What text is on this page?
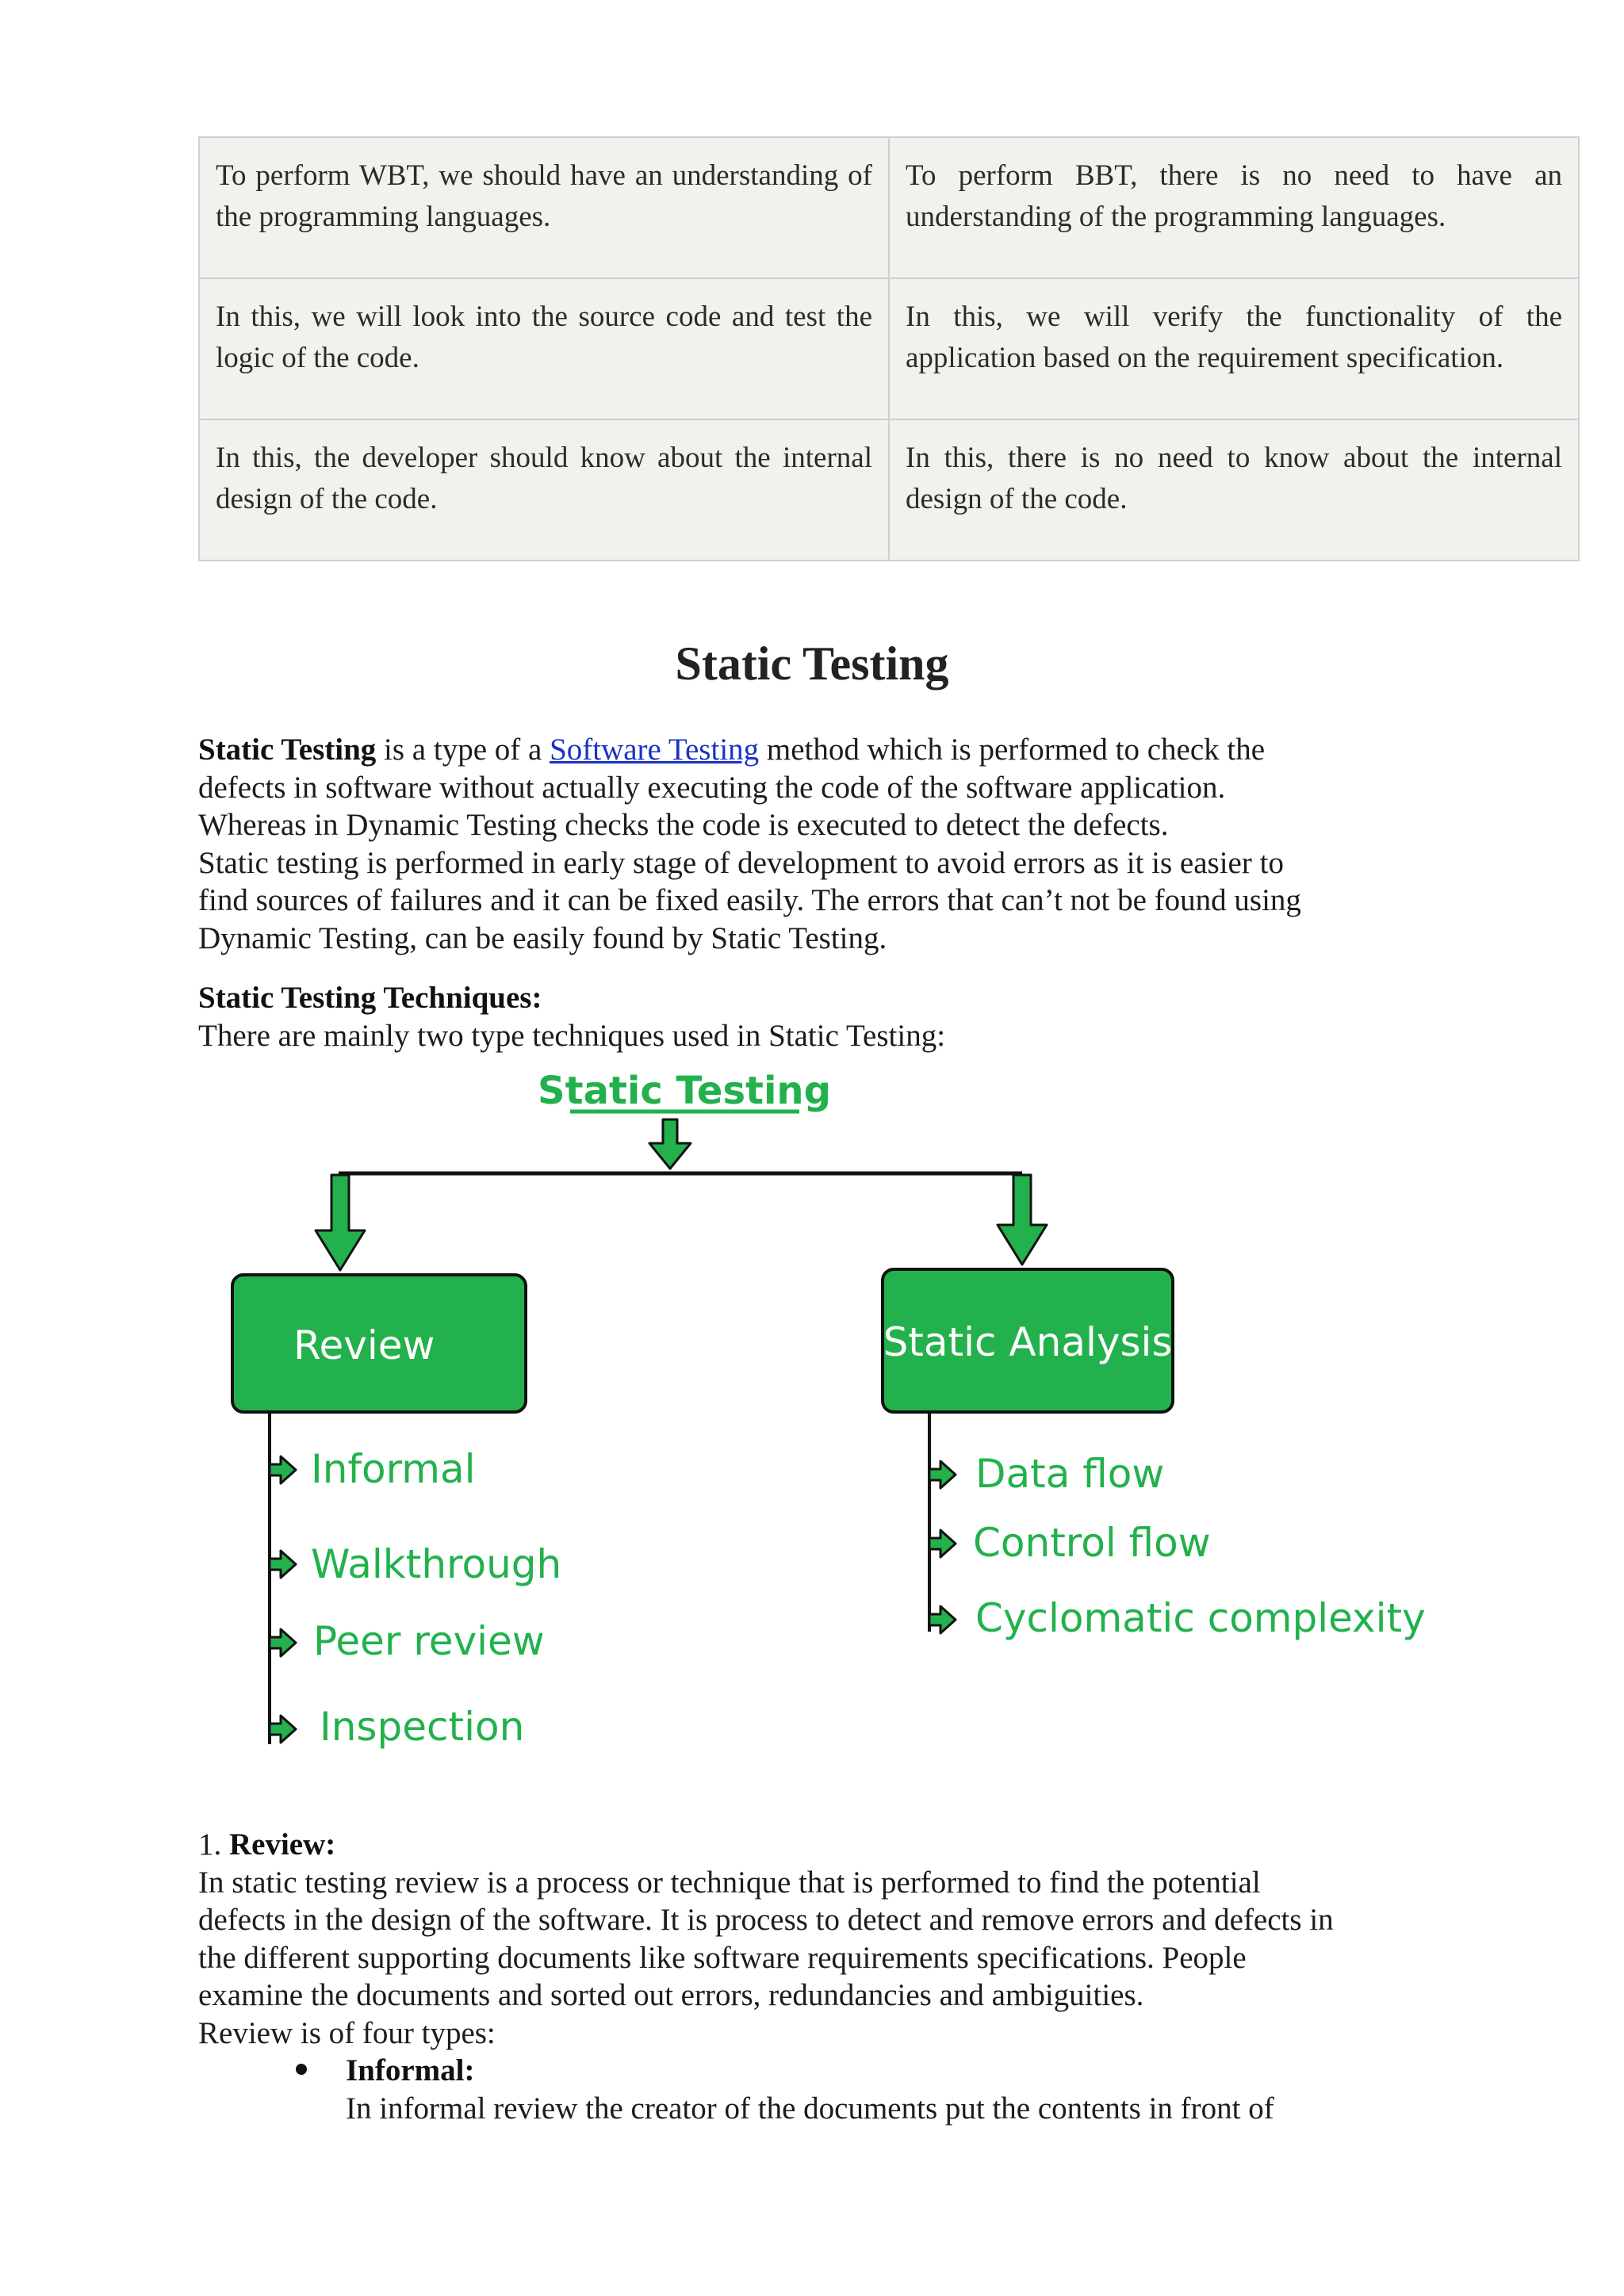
To perform WBT, we should have an understanding of the programming languages.	To perform BBT, there is no need to have an understanding of the programming languages.
In this, we will look into the source code and test the logic of the code.	In this, we will verify the functionality of the application based on the requirement specification.
In this, the developer should know about the internal design of the code.	In this, there is no need to know about the internal design of the code.
Static Testing
Static Testing is a type of a Software Testing method which is performed to check the
defects in software without actually executing the code of the software application.
Whereas in Dynamic Testing checks the code is executed to detect the defects.
Static testing is performed in early stage of development to avoid errors as it is easier to
find sources of failures and it can be fixed easily. The errors that can’t not be found using
Dynamic Testing, can be easily found by Static Testing.
Static Testing Techniques:
There are mainly two type techniques used in Static Testing:
Static Testing
Review	Static Analysis
Informal
Walkthrough
Peer review
Inspection
Data flow
Control flow
Cyclomatic complexity
1. Review:
In static testing review is a process or technique that is performed to find the potential
defects in the design of the software. It is process to detect and remove errors and defects in
the different supporting documents like software requirements specifications. People
examine the documents and sorted out errors, redundancies and ambiguities.
Review is of four types:
Informal:
In informal review the creator of the documents put the contents in front of
